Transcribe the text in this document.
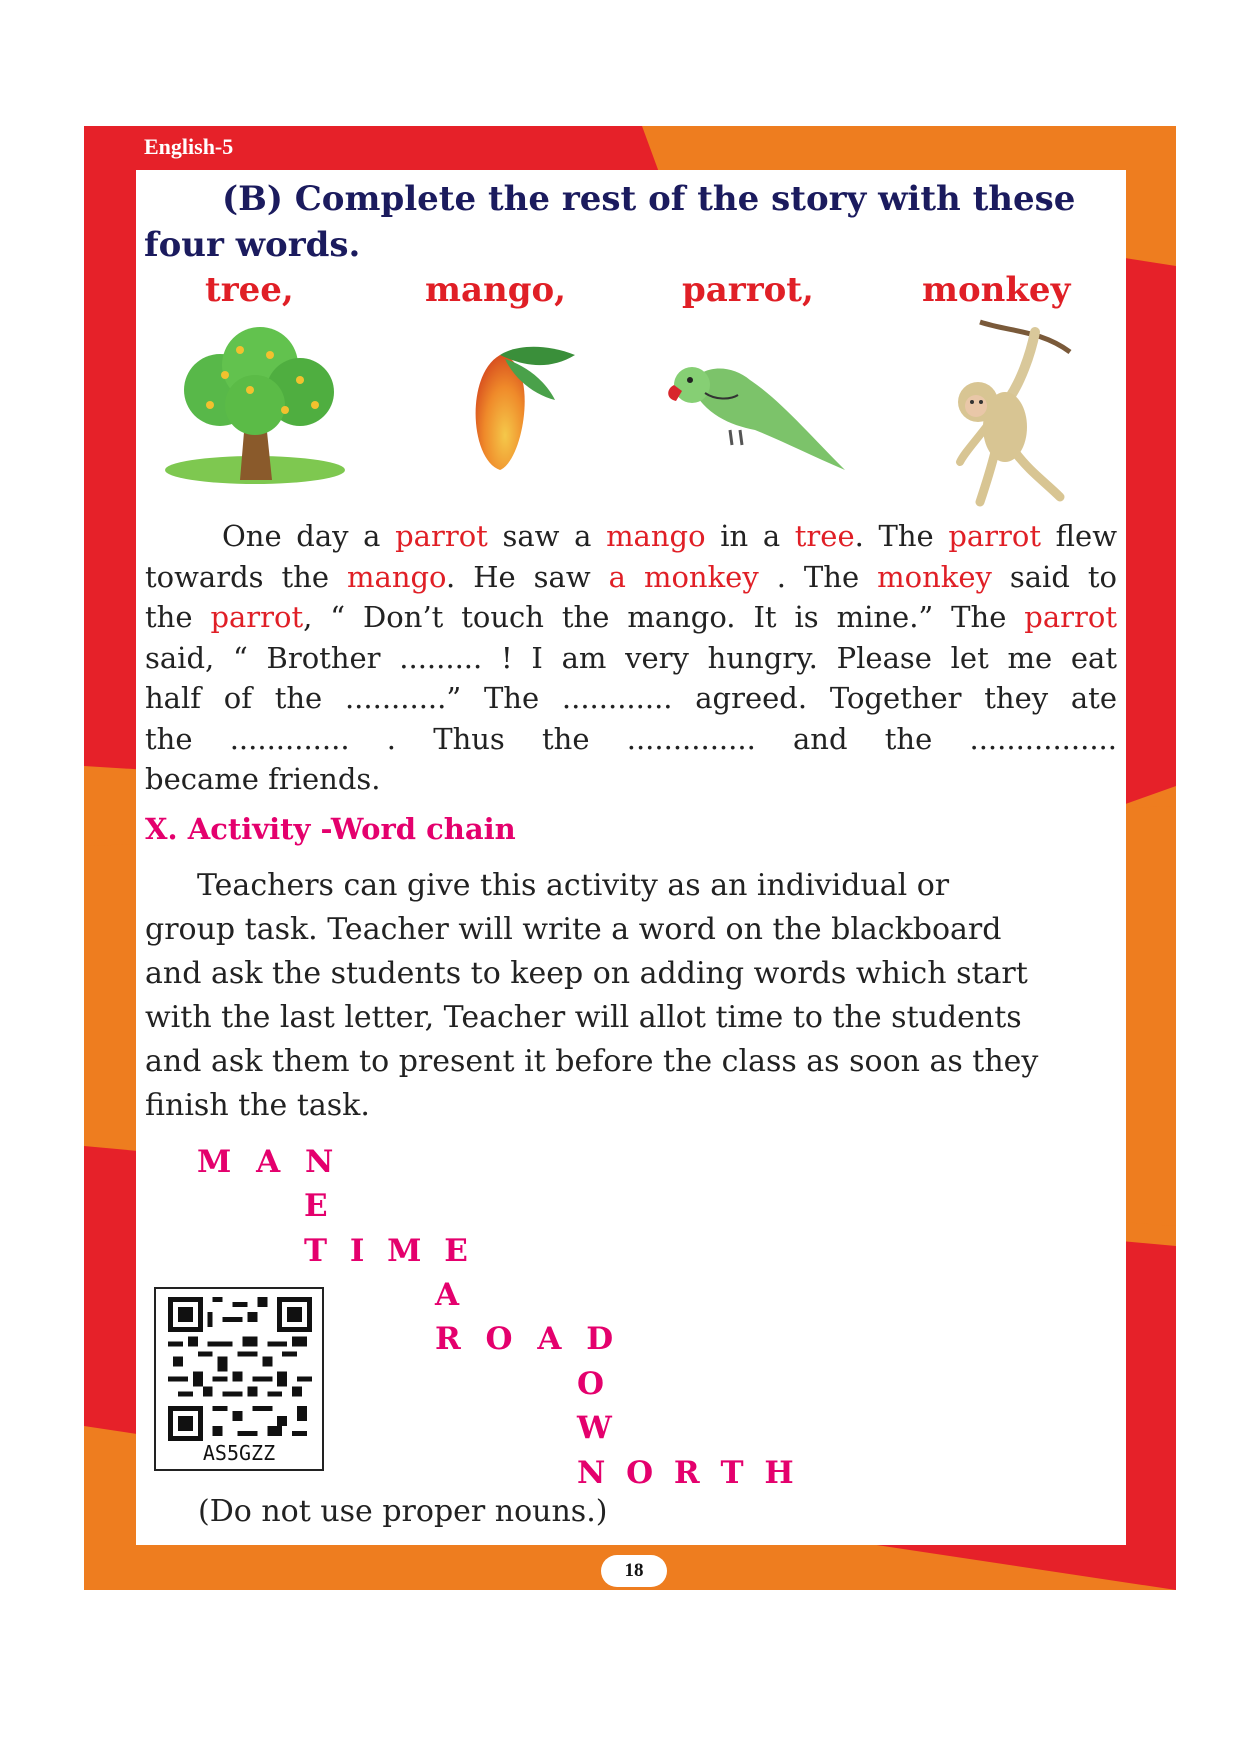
English-5
(B) Complete the rest of the story with these
four words.
tree,	mango,	parrot,	monkey
One day a parrot saw a mango in a tree. The parrot flew
towards the mango. He saw a monkey . The monkey said to
the parrot, “ Don’t touch the mango. It is mine.” The parrot
said, “ Brother ......... ! I am very hungry. Please let me eat
half of the ...........” The ............ agreed. Together they ate
the ............. . Thus the .............. and the ................
became friends.
X. Activity -Word chain
Teachers can give this activity as an individual or
group task. Teacher will write a word on the blackboard
and ask the students to keep on adding words which start
with the last letter, Teacher will allot time to the students
and ask them to present it before the class as soon as they
finish the task.
M A N
E
T I M E
A
R O A D
O
W
N O R T H
AS5GZZ
(Do not use proper nouns.)
18
